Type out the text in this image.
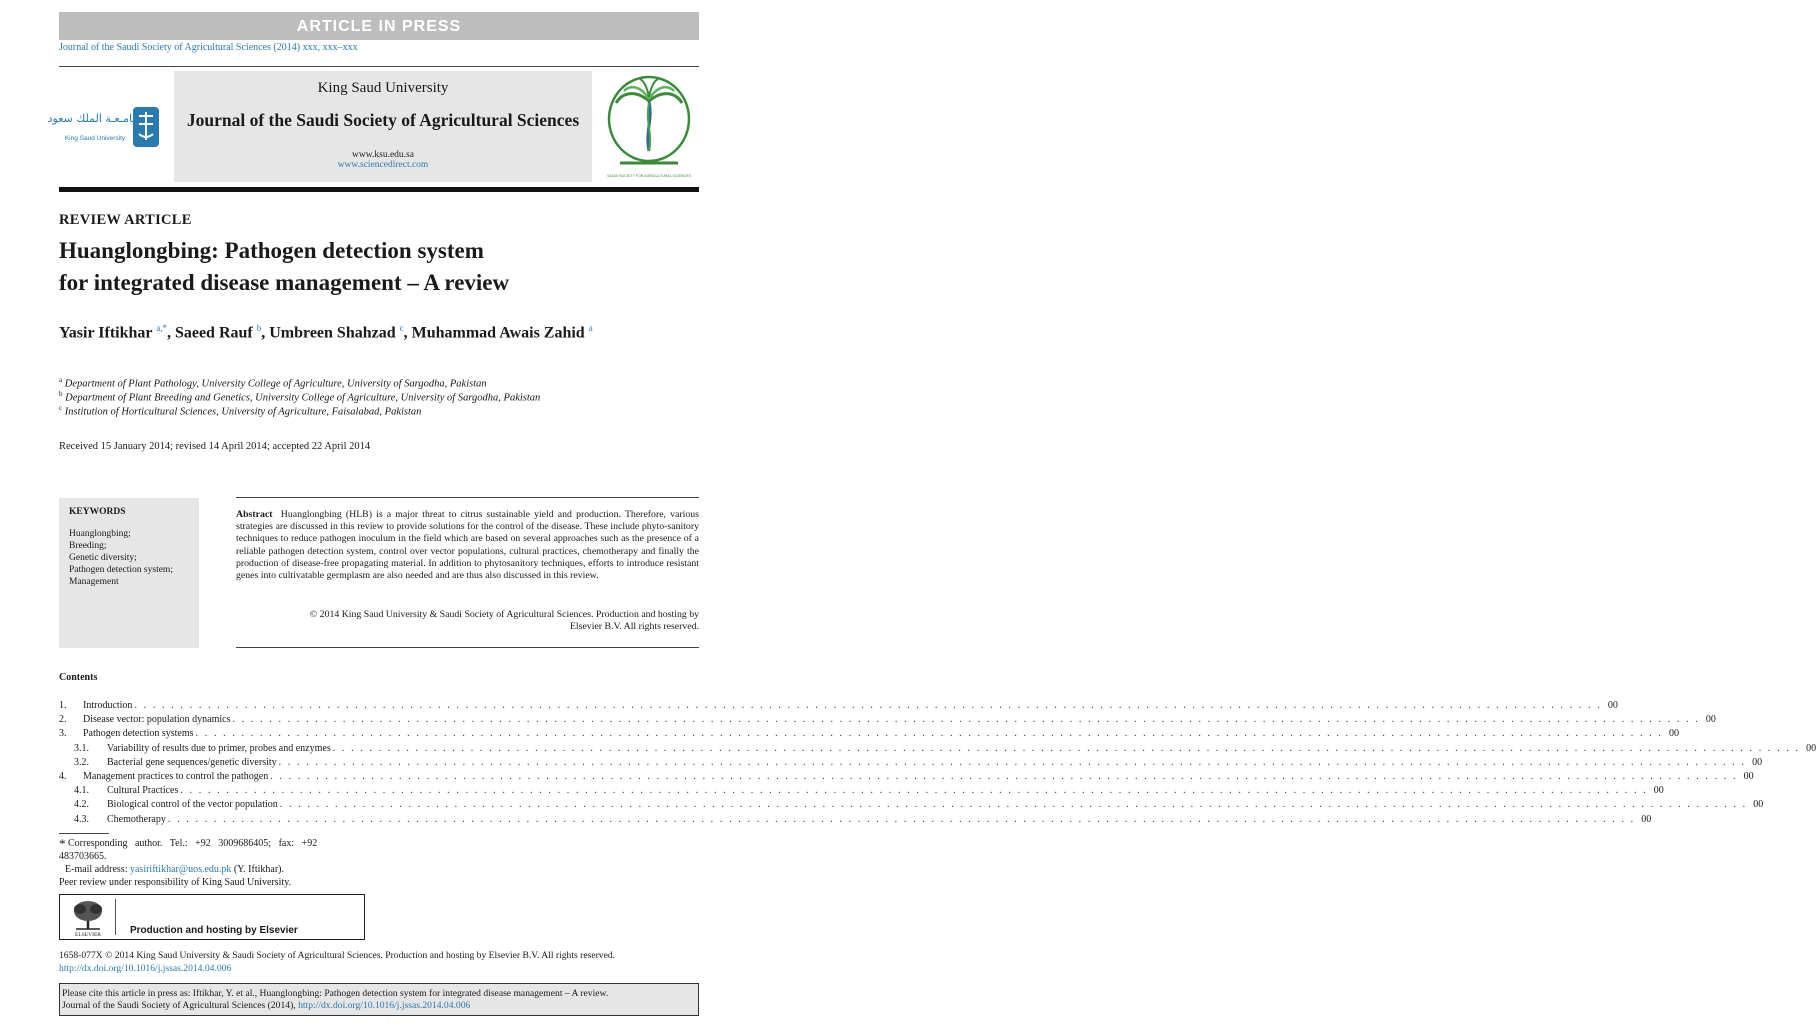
ARTICLE IN PRESS
Journal of the Saudi Society of Agricultural Sciences (2014) xxx, xxx–xxx
جـامـعـة الملك سعود
King Saud University
King Saud University
Journal of the Saudi Society of Agricultural Sciences
www.ksu.edu.sa
www.sciencedirect.com
SAUDI SOCIETY FOR AGRICULTURAL SCIENCES
REVIEW ARTICLE
Huanglongbing: Pathogen detection system
for integrated disease management – A review
Yasir Iftikhar $^{a,*}$, Saeed Rauf $^b$, Umbreen Shahzad $^c$, Muhammad Awais Zahid $^a$
$^a$ Department of Plant Pathology, University College of Agriculture, University of Sargodha, Pakistan
$^b$ Department of Plant Breeding and Genetics, University College of Agriculture, University of Sargodha, Pakistan
$^c$ Institution of Horticultural Sciences, University of Agriculture, Faisalabad, Pakistan
Received 15 January 2014; revised 14 April 2014; accepted 22 April 2014
KEYWORDS
Huanglongbing;
Breeding;
Genetic diversity;
Pathogen detection system;
Management
Abstract Huanglongbing (HLB) is a major threat to citrus sustainable yield and production. Therefore, various strategies are discussed in this review to provide solutions for the control of the disease. These include phyto-sanitory techniques to reduce pathogen inoculum in the field which are based on several approaches such as the presence of a reliable pathogen detection system, control over vector populations, cultural practices, chemotherapy and finally the production of disease-free propagating material. In addition to phytosanitory techniques, efforts to introduce resistant genes into cultivatable germplasm are also needed and are thus also discussed in this review.
© 2014 King Saud University & Saudi Society of Agricultural Sciences. Production and hosting by
Elsevier B.V. All rights reserved.
Contents
1.	Introduction . . . . . . . . . . . . . . . . . . . . . . . . . . . . . . . . . . . . . . . . . . . . . . . . . . . . . . . . . . . . . . . . . . . . . . . . . . . . . . . . . . . . . . . . . . . . . . . . . . . . . . . . . . . . . . . . . . . . . . . . . . . . . . . . . . . . . . . . . . . . . . . . . . . . . . . . . . . . . . . . 00
2.	Disease vector: population dynamics . . . . . . . . . . . . . . . . . . . . . . . . . . . . . . . . . . . . . . . . . . . . . . . . . . . . . . . . . . . . . . . . . . . . . . . . . . . . . . . . . . . . . . . . . . . . . . . . . . . . . . . . . . . . . . . . . . . . . . . . . . . . . . . . . . . . . . . . . . . . . . . . . . . . . . . . . . . . . . . . 00
3.	Pathogen detection systems . . . . . . . . . . . . . . . . . . . . . . . . . . . . . . . . . . . . . . . . . . . . . . . . . . . . . . . . . . . . . . . . . . . . . . . . . . . . . . . . . . . . . . . . . . . . . . . . . . . . . . . . . . . . . . . . . . . . . . . . . . . . . . . . . . . . . . . . . . . . . . . . . . . . . . . . . . . . . . . . 00
3.1.	Variability of results due to primer, probes and enzymes . . . . . . . . . . . . . . . . . . . . . . . . . . . . . . . . . . . . . . . . . . . . . . . . . . . . . . . . . . . . . . . . . . . . . . . . . . . . . . . . . . . . . . . . . . . . . . . . . . . . . . . . . . . . . . . . . . . . . . . . . . . . . . . . . . . . . . . . . . . . . . . . . . . . . . . . . . . . . . . . 00
3.2.	Bacterial gene sequences/genetic diversity . . . . . . . . . . . . . . . . . . . . . . . . . . . . . . . . . . . . . . . . . . . . . . . . . . . . . . . . . . . . . . . . . . . . . . . . . . . . . . . . . . . . . . . . . . . . . . . . . . . . . . . . . . . . . . . . . . . . . . . . . . . . . . . . . . . . . . . . . . . . . . . . . . . . . . . . . . . . . . . . 00
4.	Management practices to control the pathogen . . . . . . . . . . . . . . . . . . . . . . . . . . . . . . . . . . . . . . . . . . . . . . . . . . . . . . . . . . . . . . . . . . . . . . . . . . . . . . . . . . . . . . . . . . . . . . . . . . . . . . . . . . . . . . . . . . . . . . . . . . . . . . . . . . . . . . . . . . . . . . . . . . . . . . . . . . . . . . . . 00
4.1.	Cultural Practices . . . . . . . . . . . . . . . . . . . . . . . . . . . . . . . . . . . . . . . . . . . . . . . . . . . . . . . . . . . . . . . . . . . . . . . . . . . . . . . . . . . . . . . . . . . . . . . . . . . . . . . . . . . . . . . . . . . . . . . . . . . . . . . . . . . . . . . . . . . . . . . . . . . . . . . . . . . . . . . . 00
4.2.	Biological control of the vector population . . . . . . . . . . . . . . . . . . . . . . . . . . . . . . . . . . . . . . . . . . . . . . . . . . . . . . . . . . . . . . . . . . . . . . . . . . . . . . . . . . . . . . . . . . . . . . . . . . . . . . . . . . . . . . . . . . . . . . . . . . . . . . . . . . . . . . . . . . . . . . . . . . . . . . . . . . . . . . . . 00
4.3.	Chemotherapy . . . . . . . . . . . . . . . . . . . . . . . . . . . . . . . . . . . . . . . . . . . . . . . . . . . . . . . . . . . . . . . . . . . . . . . . . . . . . . . . . . . . . . . . . . . . . . . . . . . . . . . . . . . . . . . . . . . . . . . . . . . . . . . . . . . . . . . . . . . . . . . . . . . . . . . . . . . . . . . . 00
* Corresponding   author.   Tel.:   +92   3009686405;   fax:   +92
483703665.
E-mail address: yasiriftikhar@uos.edu.pk (Y. Iftikhar).
Peer review under responsibility of King Saud University.
ELSEVIER	Production and hosting by Elsevier
1658-077X © 2014 King Saud University & Saudi Society of Agricultural Sciences. Production and hosting by Elsevier B.V. All rights reserved.
http://dx.doi.org/10.1016/j.jssas.2014.04.006
Please cite this article in press as: Iftikhar, Y. et al., Huanglongbing: Pathogen detection system for integrated disease management – A review.
Journal of the Saudi Society of Agricultural Sciences (2014), http://dx.doi.org/10.1016/j.jssas.2014.04.006
